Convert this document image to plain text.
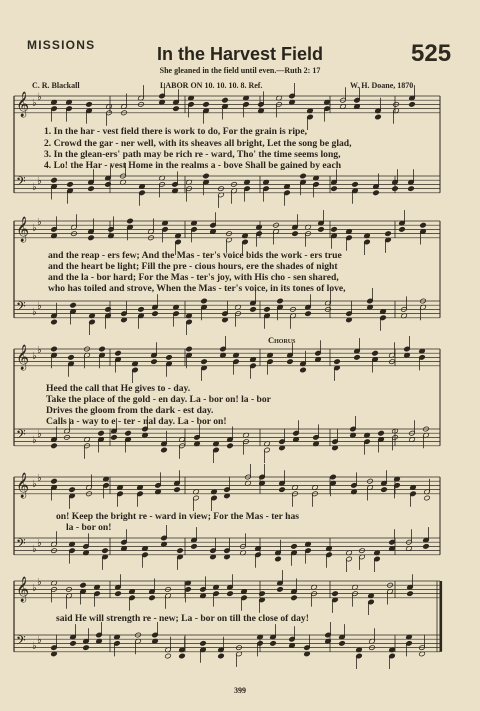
𝄞 ♭
♭
𝄢 ♭
♭
𝄞 ♭
♭
𝄢 ♭
♭
𝄞 ♭
♭
𝄢 ♭
♭
𝄞 ♭
♭
𝄢 ♭
♭
𝄞 ♭
♭
𝄢 ♭
♭
MISSIONS	525
In the Harvest Field
She gleaned in the field until even.—Ruth 2: 17
C. R. Blackall	LABOR ON 10. 10. 10. 8. Ref.	W. H. Doane, 1870
1. In the har - vest field there is work to do, For the grain is ripe,
2. Crowd the gar - ner well, with its sheaves all bright, Let the song be glad,
3. In the glean-ers' path may be rich re - ward, Tho' the time seems long,
4. Lo! the Har - vest Home in the realms a - bove Shall be gained by each
and the reap - ers few; And the Mas - ter's voice bids the work - ers true
and the heart be light; Fill the pre - cious hours, ere the shades of night
and the la - bor hard; For the Mas - ter's joy, with His cho - sen shared,
who has toiled and strove, When the Mas - ter's voice, in its tones of love,
Chorus
Heed the call that He gives to - day.
Take the place of the gold - en day. La - bor on! la - bor
Drives the gloom from the dark - est day.
Calls a - way to e - ter - nal day. La - bor on!
on! Keep the bright re - ward in view; For the Mas - ter has
la - bor on!
said He will strength re - new; La - bor on till the close of day!
399
